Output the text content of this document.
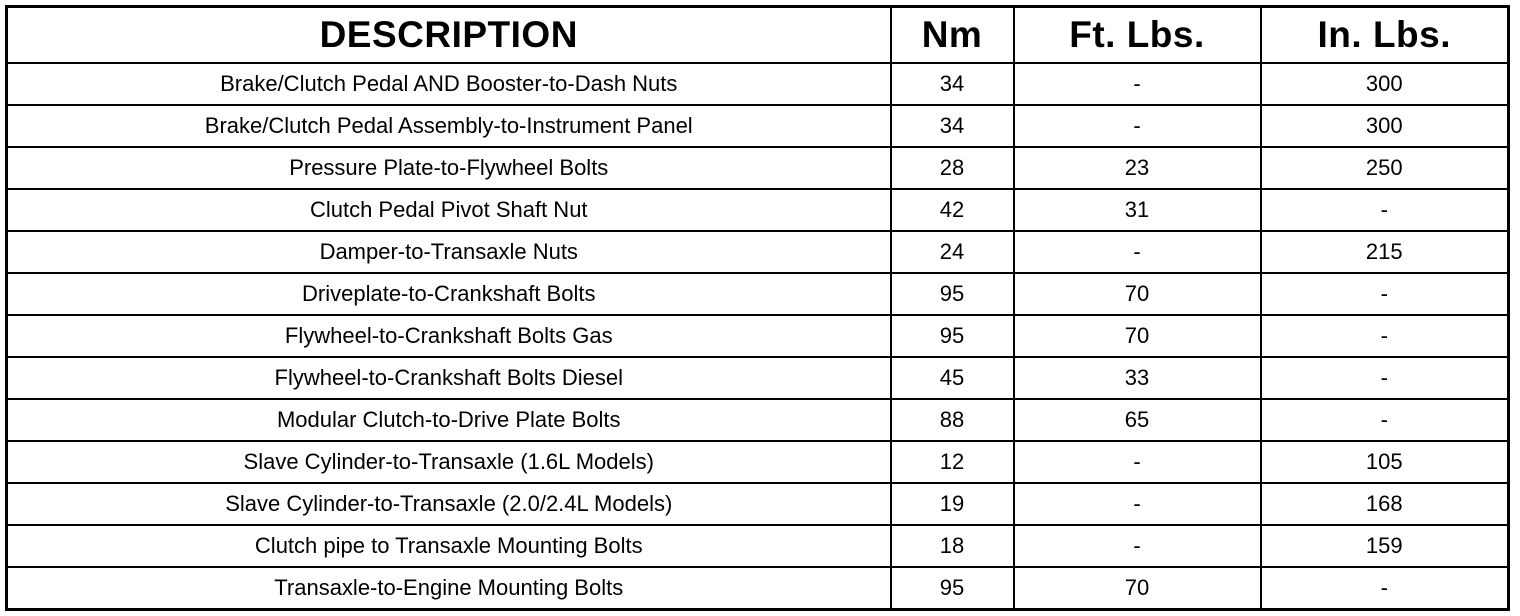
DESCRIPTION	Nm	Ft. Lbs.	In. Lbs.
Brake/Clutch Pedal AND Booster-to-Dash Nuts	34	-	300
Brake/Clutch Pedal Assembly-to-Instrument Panel	34	-	300
Pressure Plate-to-Flywheel Bolts	28	23	250
Clutch Pedal Pivot Shaft Nut	42	31	-
Damper-to-Transaxle Nuts	24	-	215
Driveplate-to-Crankshaft Bolts	95	70	-
Flywheel-to-Crankshaft Bolts Gas	95	70	-
Flywheel-to-Crankshaft Bolts Diesel	45	33	-
Modular Clutch-to-Drive Plate Bolts	88	65	-
Slave Cylinder-to-Transaxle (1.6L Models)	12	-	105
Slave Cylinder-to-Transaxle (2.0/2.4L Models)	19	-	168
Clutch pipe to Transaxle Mounting Bolts	18	-	159
Transaxle-to-Engine Mounting Bolts	95	70	-
